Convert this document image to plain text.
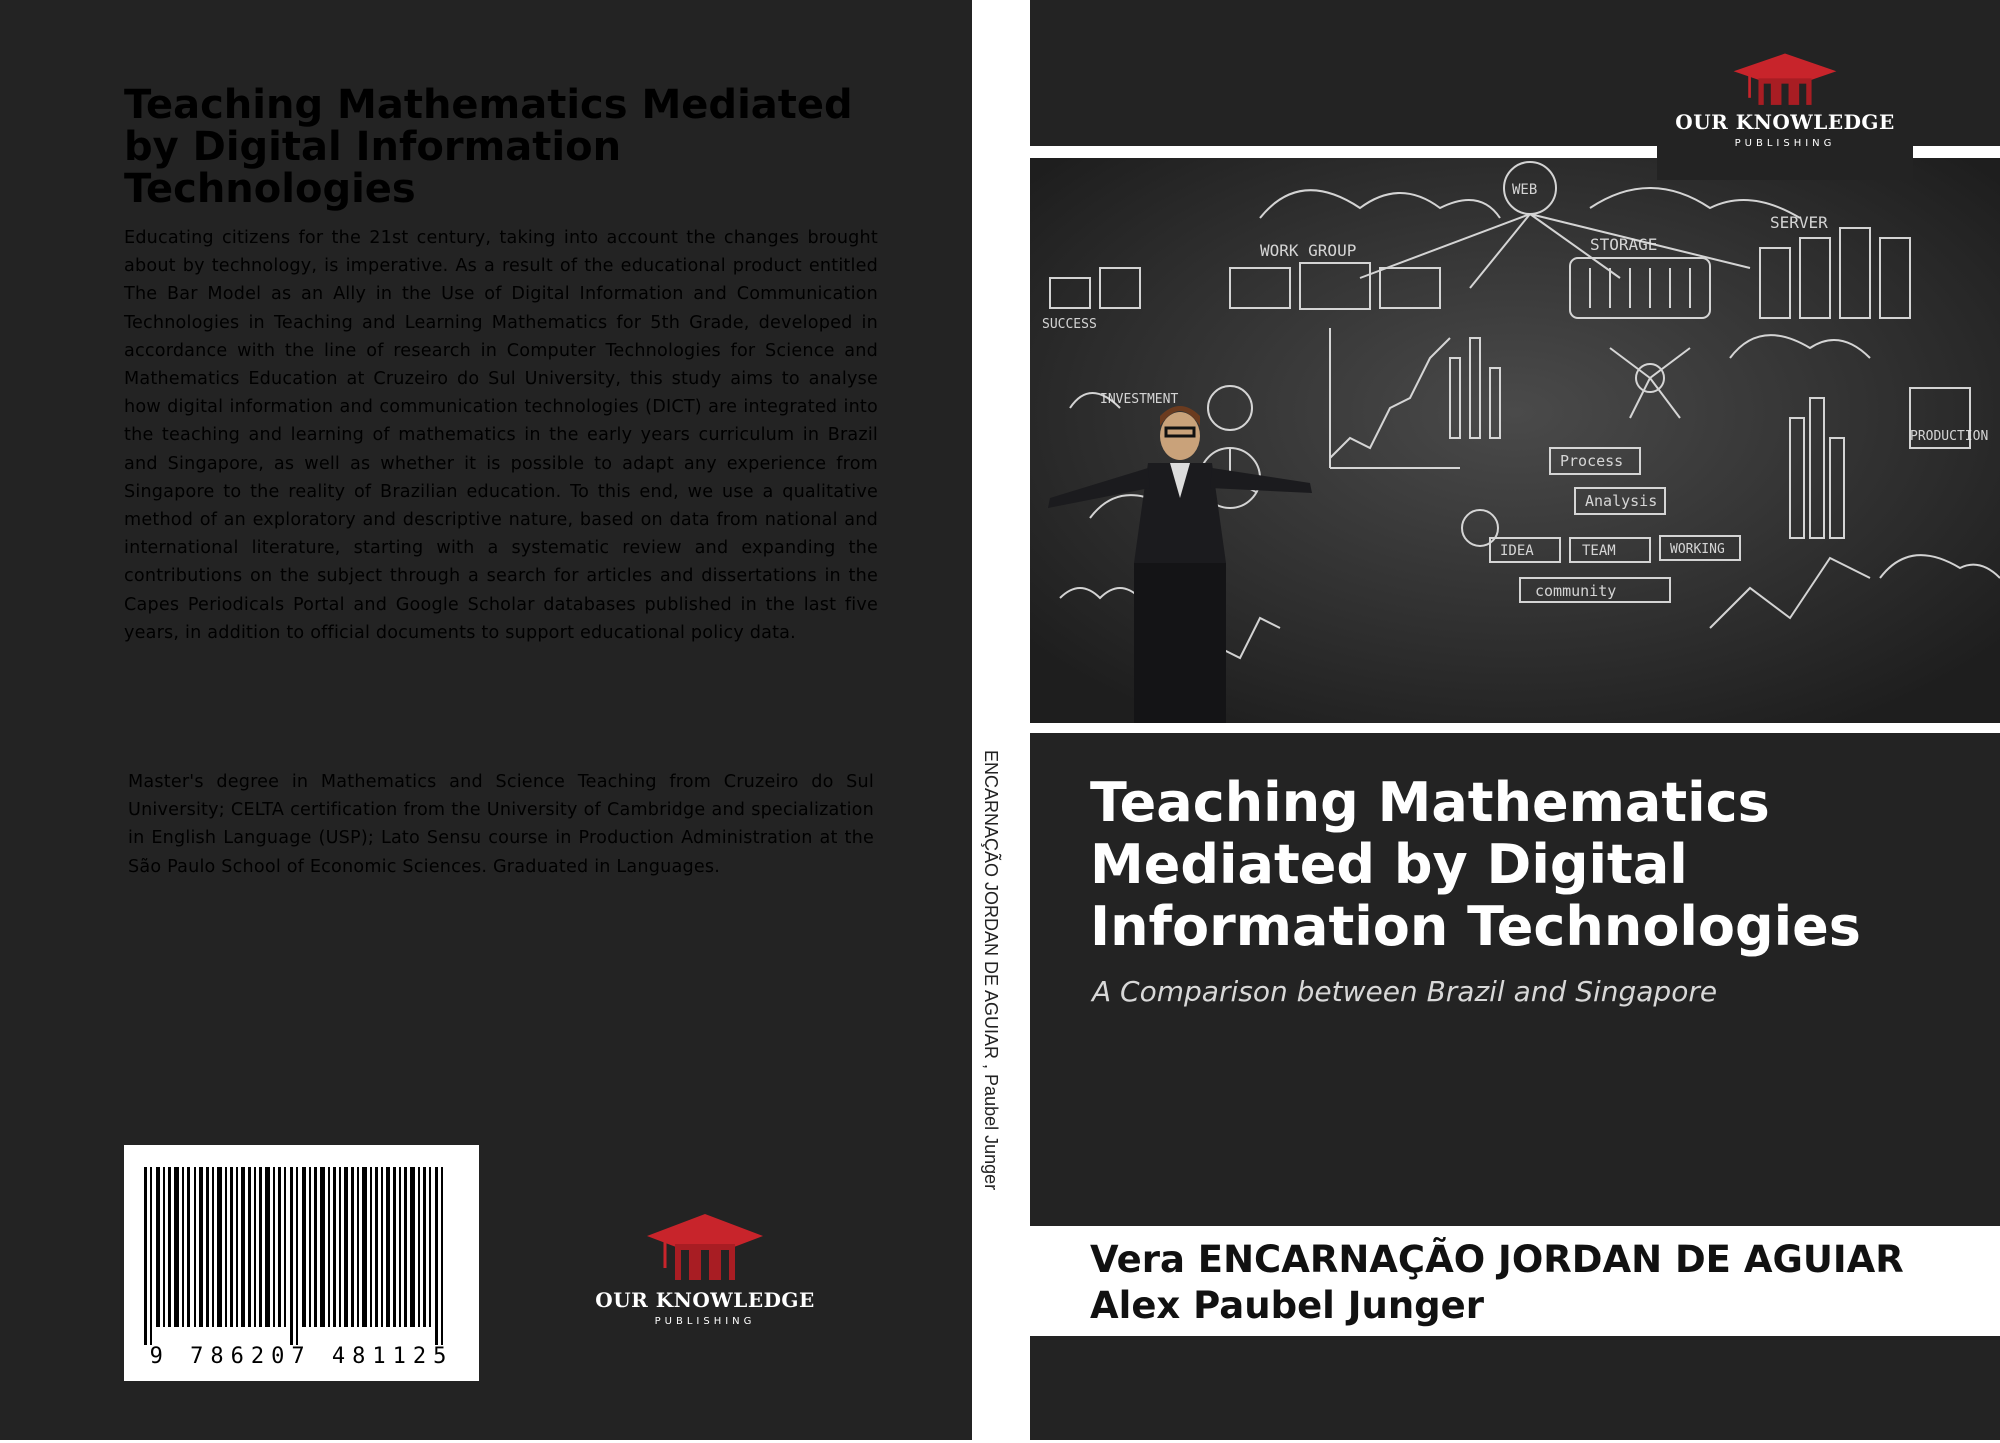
Teaching Mathematics Mediated by Digital Information Technologies

Educating citizens for the 21st century, taking into account the changes brought about by technology, is imperative. As a result of the educational product entitled The Bar Model as an Ally in the Use of Digital Information and Communication Technologies in Teaching and Learning Mathematics for 5th Grade, developed in accordance with the line of research in Computer Technologies for Science and Mathematics Education at Cruzeiro do Sul University, this study aims to analyse how digital information and communication technologies (DICT) are integrated into the teaching and learning of mathematics in the early years curriculum in Brazil and Singapore, as well as whether it is possible to adapt any experience from Singapore to the reality of Brazilian education. To this end, we use a qualitative method of an exploratory and descriptive nature, based on data from national and international literature, starting with a systematic review and expanding the contributions on the subject through a search for articles and dissertations in the Capes Periodicals Portal and Google Scholar databases published in the last five years, in addition to official documents to support educational policy data.

Master's degree in Mathematics and Science Teaching from Cruzeiro do Sul University; CELTA certification from the University of Cambridge and specialization in English Language (USP); Lato Sensu course in Production Administration at the São Paulo School of Economic Sciences. Graduated in Languages.

9 786207 481125
OUR KNOWLEDGE
PUBLISHING
ENCARNAÇÃO JORDAN DE AGUIAR , Paubel Junger
WEB
WORK GROUP	STORAGE
SERVER
SUCCESS
INVESTMENT
Process
Analysis
IDEA	TEAM	WORKING
community
PRODUCTION
OUR KNOWLEDGE
PUBLISHING
Teaching Mathematics Mediated by Digital Information Technologies
A Comparison between Brazil and Singapore
Vera ENCARNAÇÃO JORDAN DE AGUIAR
Alex Paubel Junger
